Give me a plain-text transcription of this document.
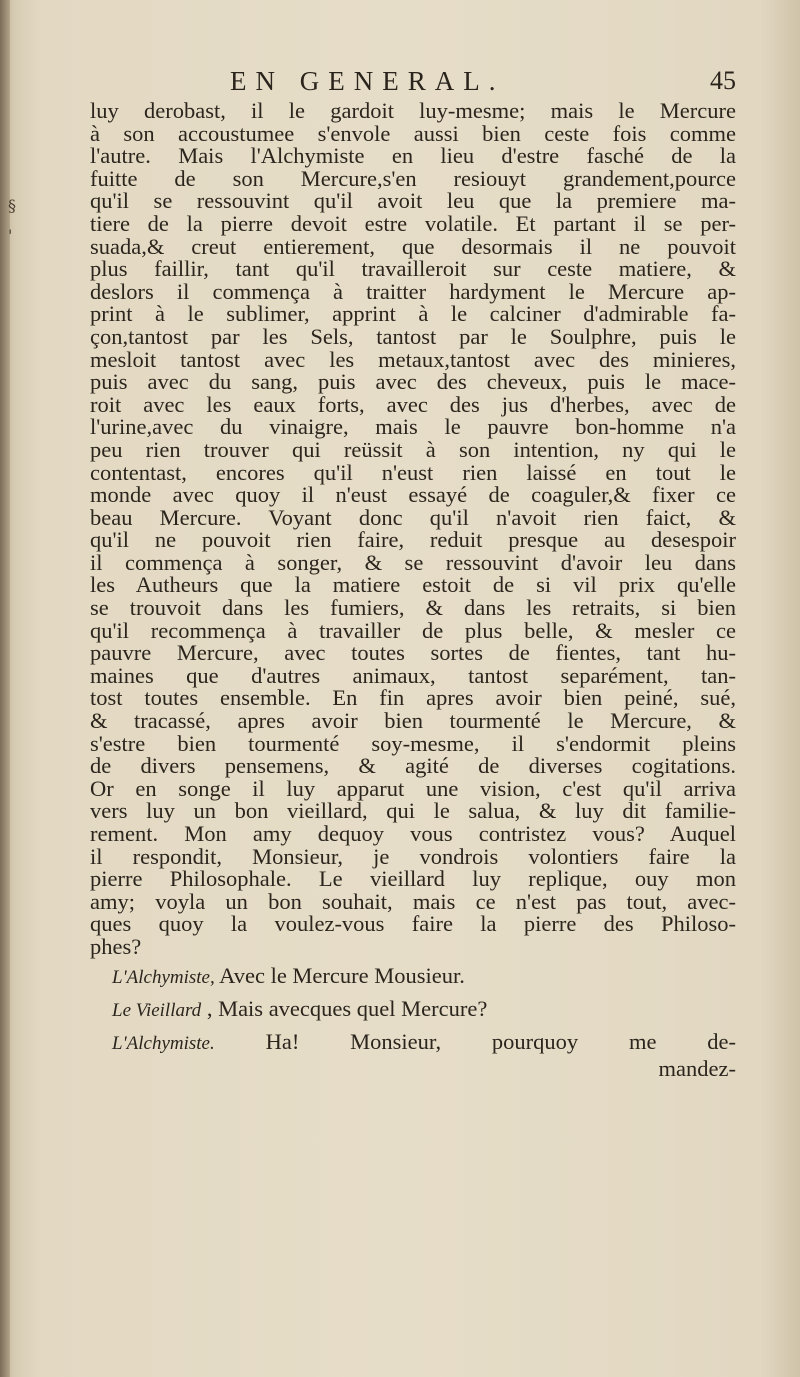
§
'
EN GENERAL.	45
luy derobast, il le gardoit luy-mesme; mais le Mercure
à son accoustumee s'envole aussi bien ceste fois comme
l'autre. Mais l'Alchymiste en lieu d'estre fasché de la
fuitte de son Mercure,s'en resiouyt grandement,pource
qu'il se ressouvint qu'il avoit leu que la premiere ma-
tiere de la pierre devoit estre volatile. Et partant il se per-
suada,& creut entierement, que desormais il ne pouvoit
plus faillir, tant qu'il travailleroit sur ceste matiere, &
deslors il commença à traitter hardyment le Mercure ap-
print à le sublimer, apprint à le calciner d'admirable fa-
çon,tantost par les Sels, tantost par le Soulphre, puis le
mesloit tantost avec les metaux,tantost avec des minieres,
puis avec du sang, puis avec des cheveux, puis le mace-
roit avec les eaux forts, avec des jus d'herbes, avec de
l'urine,avec du vinaigre, mais le pauvre bon-homme n'a
peu rien trouver qui reüssit à son intention, ny qui le
contentast, encores qu'il n'eust rien laissé en tout le
monde avec quoy il n'eust essayé de coaguler,& fixer ce
beau Mercure. Voyant donc qu'il n'avoit rien faict, &
qu'il ne pouvoit rien faire, reduit presque au desespoir
il commença à songer, & se ressouvint d'avoir leu dans
les Autheurs que la matiere estoit de si vil prix qu'elle
se trouvoit dans les fumiers, & dans les retraits, si bien
qu'il recommença à travailler de plus belle, & mesler ce
pauvre Mercure, avec toutes sortes de fientes, tant hu-
maines que d'autres animaux, tantost separément, tan-
tost toutes ensemble. En fin apres avoir bien peiné, sué,
& tracassé, apres avoir bien tourmenté le Mercure, &
s'estre bien tourmenté soy-mesme, il s'endormit pleins
de divers pensemens, & agité de diverses cogitations.
Or en songe il luy apparut une vision, c'est qu'il arriva
vers luy un bon vieillard, qui le salua, & luy dit familie-
rement. Mon amy dequoy vous contristez vous? Auquel
il respondit, Monsieur, je vondrois volontiers faire la
pierre Philosophale. Le vieillard luy replique, ouy mon
amy; voyla un bon souhait, mais ce n'est pas tout, avec-
ques quoy la voulez-vous faire la pierre des Philoso-
phes?
L'Alchymiste, Avec le Mercure Mousieur.
Le Vieillard , Mais avecques quel Mercure?
L'Alchymiste. Ha! Monsieur, pourquoy me de-
mandez-
